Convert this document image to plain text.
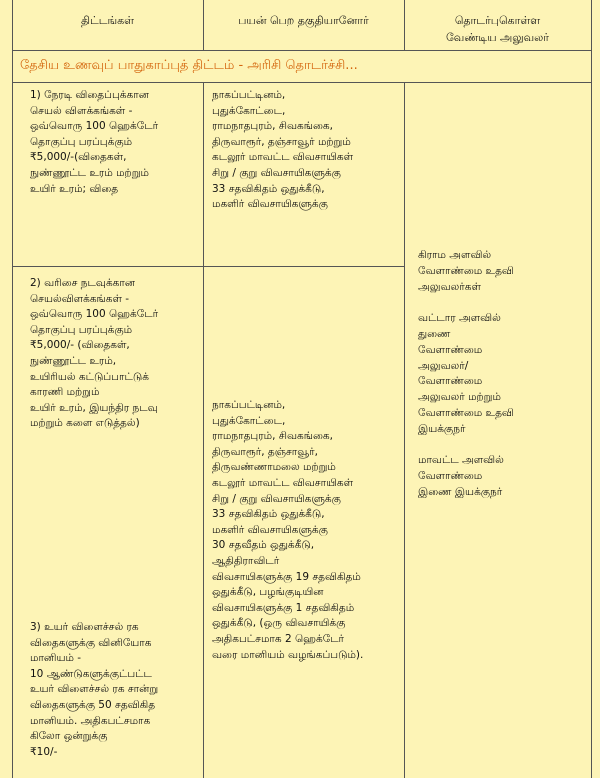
திட்டங்கள்	பயன் பெற தகுதியானோர்	தொடர்புகொள்ள
வேண்டிய அலுவலர்
தேசிய உணவுப் பாதுகாப்புத் திட்டம் - அரிசி தொடர்ச்சி...
1) நேரடி விதைப்புக்கான
செயல் விளக்கங்கள் -
ஒவ்வொரு 100 ஹெக்டேர்
தொகுப்பு பரப்புக்கும்
₹5,000/-(விதைகள்,
நுண்ணூட்ட உரம் மற்றும்
உயிர் உரம்; விதை
நாகப்பட்டினம்,
புதுக்கோட்டை,
ராமநாதபுரம், சிவகங்கை,
திருவாரூர், தஞ்சாவூர் மற்றும்
கடலூர் மாவட்ட விவசாயிகள்
சிறு / குறு விவசாயிகளுக்கு
33 சதவிகிதம் ஒதுக்கீடு,
மகளிர் விவசாயிகளுக்கு
2) வரிசை நடவுக்கான
செயல்விளக்கங்கள் -
ஒவ்வொரு 100 ஹெக்டேர்
தொகுப்பு பரப்புக்கும்
₹5,000/- (விதைகள்,
நுண்ணூட்ட உரம்,
உயிரியல் கட்டுப்பாட்டுக்
காரணி மற்றும்
உயிர் உரம், இயந்திர நடவு
மற்றும் களை எடுத்தல்)
நாகப்பட்டினம்,
புதுக்கோட்டை,
ராமநாதபுரம், சிவகங்கை,
திருவாரூர், தஞ்சாவூர்,
திருவண்ணாமலை மற்றும்
கடலூர் மாவட்ட விவசாயிகள்
சிறு / குறு விவசாயிகளுக்கு
33 சதவிகிதம் ஒதுக்கீடு,
மகளிர் விவசாயிகளுக்கு
30 சதவீதம் ஒதுக்கீடு,
ஆதிதிராவிடர்
விவசாயிகளுக்கு 19 சதவிகிதம்
ஒதுக்கீடு, பழங்குடியின
விவசாயிகளுக்கு 1 சதவிகிதம்
ஒதுக்கீடு, (ஒரு விவசாயிக்கு
அதிகபட்சமாக 2 ஹெக்டேர்
வரை மானியம் வழங்கப்படும்).
3) உயர் விளைச்சல் ரக
விதைகளுக்கு வினியோக
மானியம் -
10 ஆண்டுகளுக்குட்பட்ட
உயர் விளைச்சல் ரக சான்று
விதைகளுக்கு 50 சதவிகித
மானியம். அதிகபட்சமாக
கிலோ ஒன்றுக்கு
₹10/-
கிராம அளவில்
வேளாண்மை உதவி
அலுவலர்கள்

வட்டார அளவில்
துணை
வேளாண்மை
அலுவலர்/
வேளாண்மை
அலுவலர் மற்றும்
வேளாண்மை உதவி
இயக்குநர்

மாவட்ட அளவில்
வேளாண்மை
இணை இயக்குநர்
